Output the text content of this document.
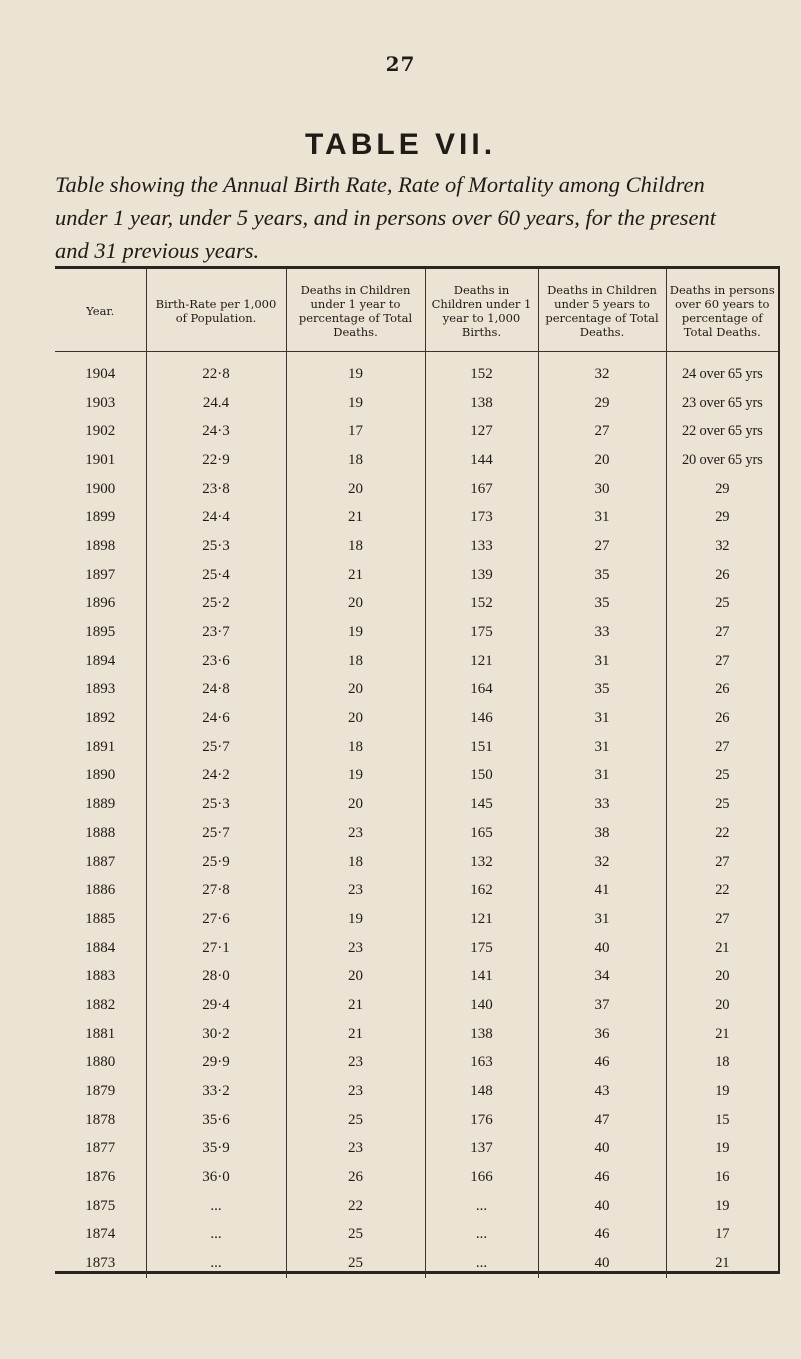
27
TABLE VII.
Table showing the Annual Birth Rate, Rate of Mortality among Children under 1 year, under 5 years, and in persons over 60 years, for the present and 31 previous years.
Year.	Birth-Rate per 1,000 of Population.	Deaths in Children under 1 year to percentage of Total Deaths.	Deaths in Children under 1 year to 1,000 Births.	Deaths in Children under 5 years to percentage of Total Deaths.	Deaths in persons over 60 years to percentage of Total Deaths.

1904	22·8	19	152	32	24 over 65 yrs
1903	24.4	19	138	29	23 over 65 yrs
1902	24·3	17	127	27	22 over 65 yrs
1901	22·9	18	144	20	20 over 65 yrs
1900	23·8	20	167	30	29
1899	24·4	21	173	31	29
1898	25·3	18	133	27	32
1897	25·4	21	139	35	26
1896	25·2	20	152	35	25
1895	23·7	19	175	33	27
1894	23·6	18	121	31	27
1893	24·8	20	164	35	26
1892	24·6	20	146	31	26
1891	25·7	18	151	31	27
1890	24·2	19	150	31	25
1889	25·3	20	145	33	25
1888	25·7	23	165	38	22
1887	25·9	18	132	32	27
1886	27·8	23	162	41	22
1885	27·6	19	121	31	27
1884	27·1	23	175	40	21
1883	28·0	20	141	34	20
1882	29·4	21	140	37	20
1881	30·2	21	138	36	21
1880	29·9	23	163	46	18
1879	33·2	23	148	43	19
1878	35·6	25	176	47	15
1877	35·9	23	137	40	19
1876	36·0	26	166	46	16
1875	...	22	...	40	19
1874	...	25	...	46	17
1873	...	25	...	40	21
